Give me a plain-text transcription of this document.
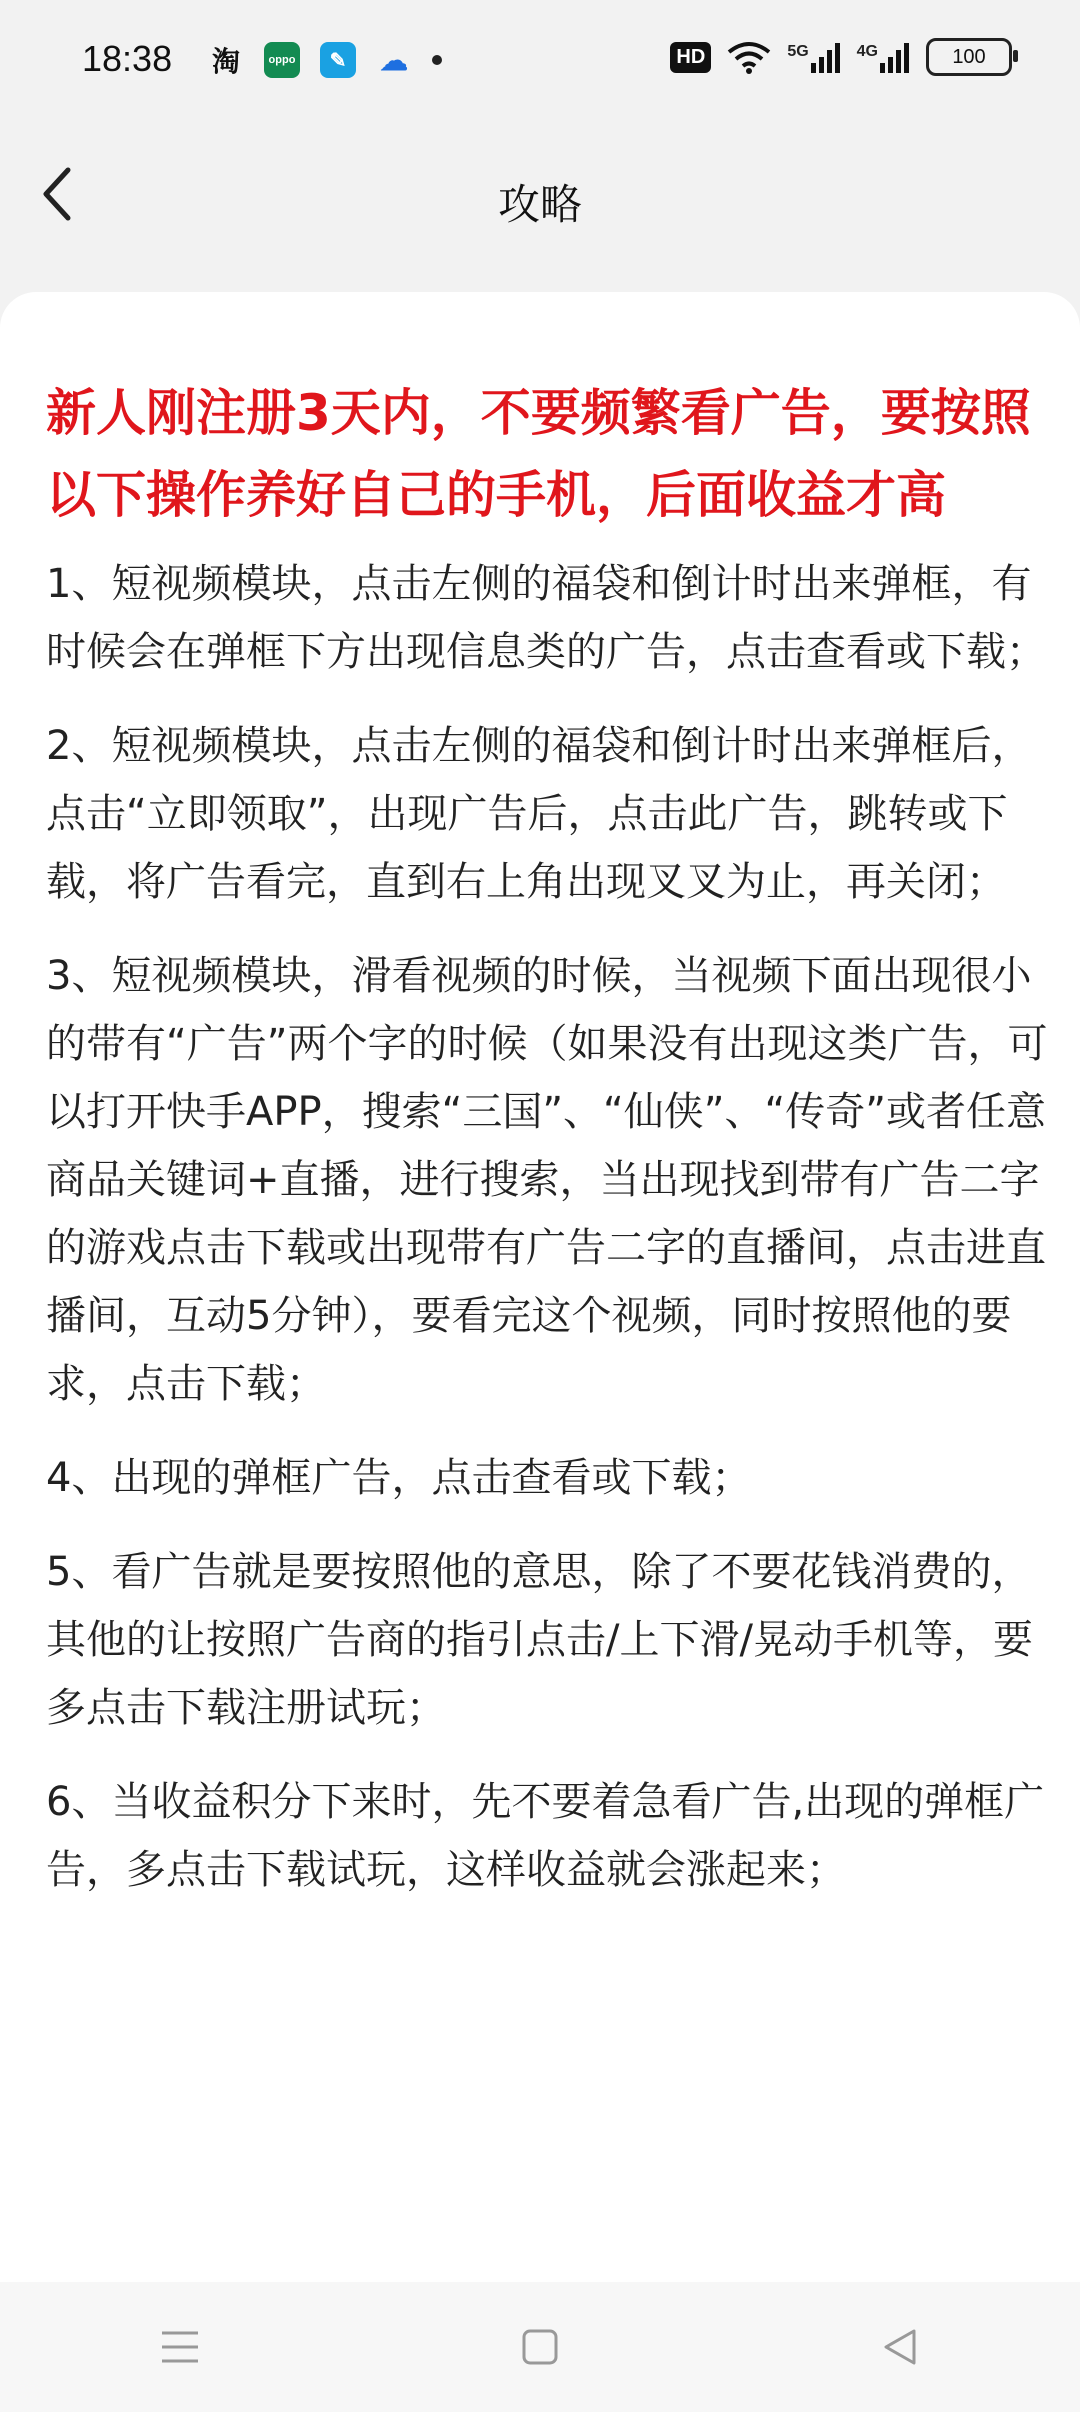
18:38 淘	oppo	✎	☁	HD	5G	4G	100
攻略
新人刚注册3天内，不要频繁看广告，要按照以下操作养好自己的手机，后面收益才高
1、短视频模块，点击左侧的福袋和倒计时出来弹框，有时候会在弹框下方出现信息类的广告，点击查看或下载；
2、短视频模块，点击左侧的福袋和倒计时出来弹框后，点击“立即领取”，出现广告后，点击此广告，跳转或下载，将广告看完，直到右上角出现叉叉为止，再关闭；
3、短视频模块，滑看视频的时候，当视频下面出现很小的带有“广告”两个字的时候（如果没有出现这类广告，可以打开快手APP，搜索“三国”、“仙侠”、“传奇”或者任意商品关键词+直播，进行搜索，当出现找到带有广告二字的游戏点击下载或出现带有广告二字的直播间，点击进直播间，互动5分钟），要看完这个视频，同时按照他的要求，点击下载；
4、出现的弹框广告，点击查看或下载；
5、看广告就是要按照他的意思，除了不要花钱消费的，其他的让按照广告商的指引点击/上下滑/晃动手机等，要多点击下载注册试玩；
6、当收益积分下来时，先不要着急看广告,出现的弹框广告，多点击下载试玩，这样收益就会涨起来；
